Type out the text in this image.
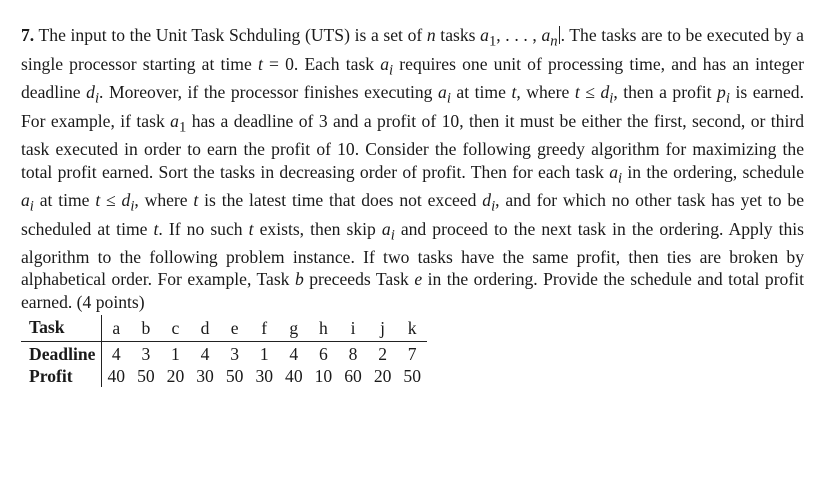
7. The input to the Unit Task Schduling (UTS) is a set of n tasks $a_1$, . . . , $a_n$ . The tasks are to be executed by a single processor starting at time t = 0. Each task $a_i$ requires one unit of processing time, and has an integer deadline $d_i$. Moreover, if the processor finishes executing $a_i$ at time t, where $t \le d_i$, then a profit $p_i$ is earned. For example, if task $a_1$ has a deadline of 3 and a profit of 10, then it must be either the first, second, or third task executed in order to earn the profit of 10. Consider the following greedy algorithm for maximizing the total profit earned. Sort the tasks in decreasing order of profit. Then for each task $a_i$ in the ordering, schedule $a_i$ at time $t \le d_i$, where t is the latest time that does not exceed $d_i$, and for which no other task has yet to be scheduled at time t. If no such t exists, then skip $a_i$ and proceed to the next task in the ordering. Apply this algorithm to the following problem instance. If two tasks have the same profit, then ties are broken by alphabetical order. For example, Task b preceeds Task e in the ordering. Provide the schedule and total profit earned. (4 points)

Task	a	b	c	d	e	f	g	h	i	j	k
Deadline	4	3	1	4	3	1	4	6	8	2	7
Profit	40	50	20	30	50	30	40	10	60	20	50
